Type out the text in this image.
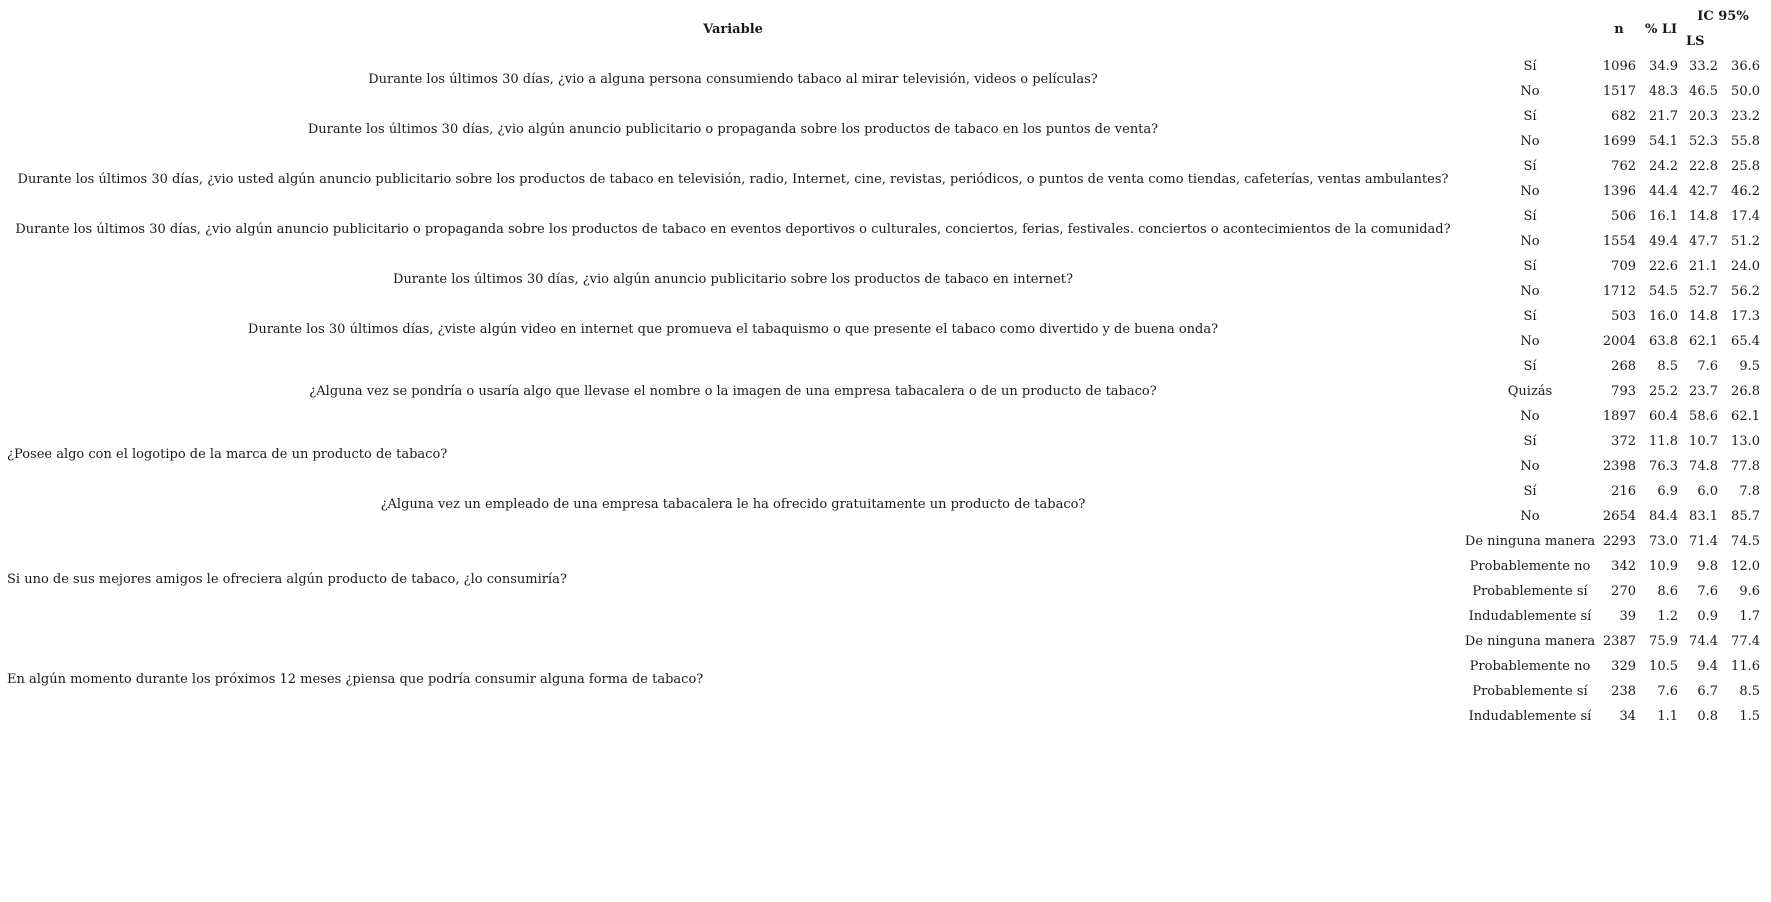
Variable		n	% LI	IC 95%	
				LS	
Durante los últimos 30 días, ¿vio a alguna persona consumiendo tabaco al mirar televisión, videos o películas?	Sí	1096	34.9	33.2	36.6
	No	1517	48.3	46.5	50.0
Durante los últimos 30 días, ¿vio algún anuncio publicitario o propaganda sobre los productos de tabaco en los puntos de venta?	Sí	682	21.7	20.3	23.2
	No	1699	54.1	52.3	55.8
Durante los últimos 30 días, ¿vio usted algún anuncio publicitario sobre los productos de tabaco en televisión, radio, Internet, cine, revistas, periódicos, o puntos de venta como tiendas, cafeterías, ventas ambulantes?	Sí	762	24.2	22.8	25.8
	No	1396	44.4	42.7	46.2
Durante los últimos 30 días, ¿vio algún anuncio publicitario o propaganda sobre los productos de tabaco en eventos deportivos o culturales, conciertos, ferias, festivales. conciertos o acontecimientos de la comunidad?	Sí	506	16.1	14.8	17.4
	No	1554	49.4	47.7	51.2
Durante los últimos 30 días, ¿vio algún anuncio publicitario sobre los productos de tabaco en internet?	Sí	709	22.6	21.1	24.0
	No	1712	54.5	52.7	56.2
Durante los 30 últimos días, ¿viste algún video en internet que promueva el tabaquismo o que presente el tabaco como divertido y de buena onda?	Sí	503	16.0	14.8	17.3
	No	2004	63.8	62.1	65.4
¿Alguna vez se pondría o usaría algo que llevase el nombre o la imagen de una empresa tabacalera o de un producto de tabaco?	Sí	268	8.5	7.6	9.5
	Quizás	793	25.2	23.7	26.8
	No	1897	60.4	58.6	62.1
¿Posee algo con el logotipo de la marca de un producto de tabaco?	Sí	372	11.8	10.7	13.0
	No	2398	76.3	74.8	77.8
¿Alguna vez un empleado de una empresa tabacalera le ha ofrecido gratuitamente un producto de tabaco?	Sí	216	6.9	6.0	7.8
	No	2654	84.4	83.1	85.7
Si uno de sus mejores amigos le ofreciera algún producto de tabaco, ¿lo consumiría?	De ninguna manera	2293	73.0	71.4	74.5
	Probablemente no	342	10.9	9.8	12.0
	Probablemente sí	270	8.6	7.6	9.6
	Indudablemente sí	39	1.2	0.9	1.7
En algún momento durante los próximos 12 meses ¿piensa que podría consumir alguna forma de tabaco?	De ninguna manera	2387	75.9	74.4	77.4
	Probablemente no	329	10.5	9.4	11.6
	Probablemente sí	238	7.6	6.7	8.5
	Indudablemente sí	34	1.1	0.8	1.5
